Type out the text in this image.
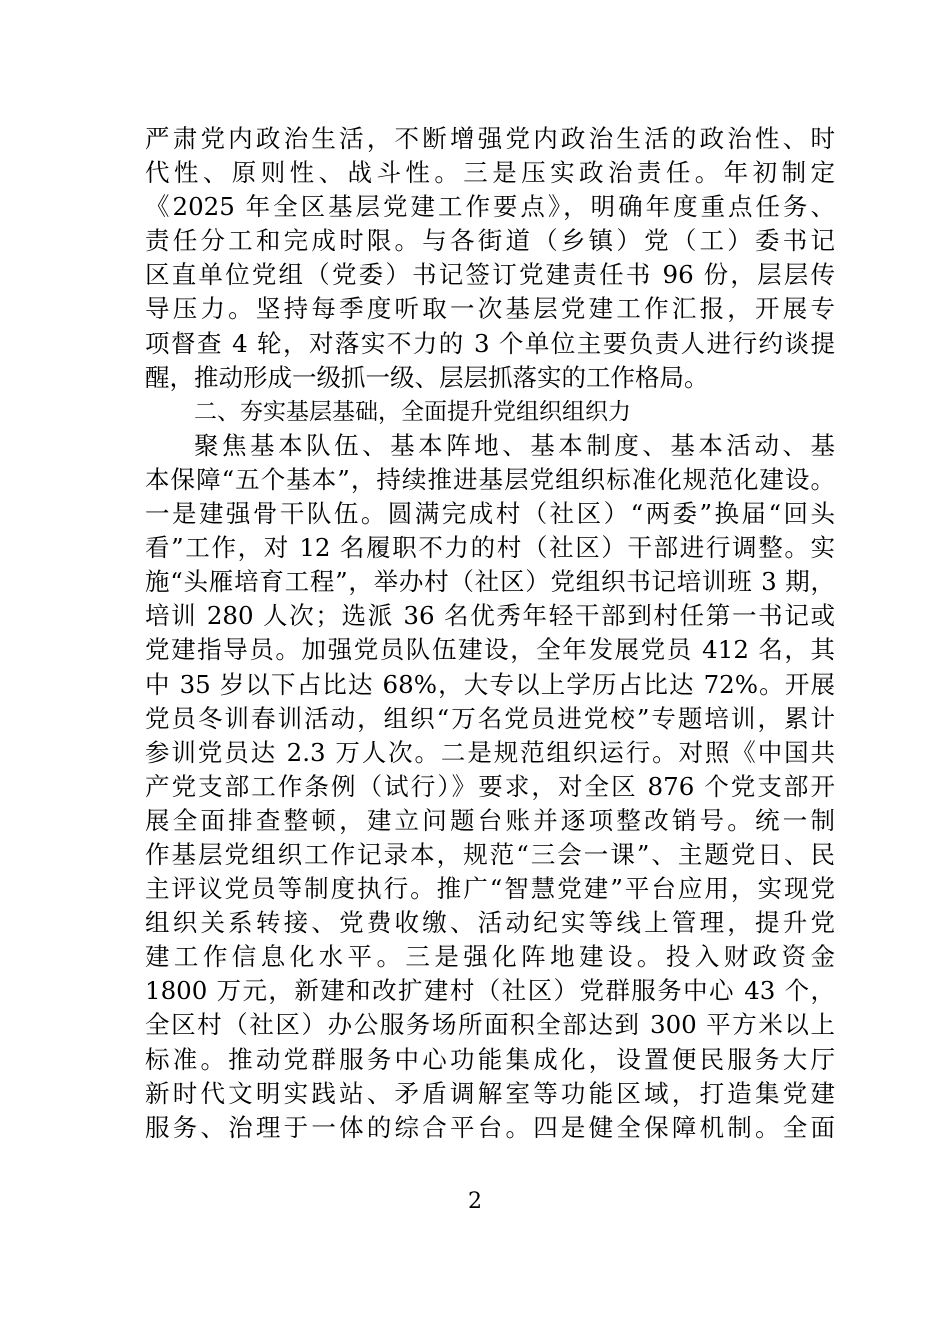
严肃党内政治生活，不断增强党内政治生活的政治性、时
代性、原则性、战斗性。三是压实政治责任。年初制定
《2025 年全区基层党建工作要点》，明确年度重点任务、
责任分工和完成时限。与各街道（乡镇）党（工）委书记
区直单位党组（党委）书记签订党建责任书 96 份，层层传
导压力。坚持每季度听取一次基层党建工作汇报，开展专
项督查 4 轮，对落实不力的 3 个单位主要负责人进行约谈提
醒，推动形成一级抓一级、层层抓落实的工作格局。
二、夯实基层基础，全面提升党组织组织力
聚焦基本队伍、基本阵地、基本制度、基本活动、基
本保障“五个基本”，持续推进基层党组织标准化规范化建设。
一是建强骨干队伍。圆满完成村（社区）“两委”换届“回头
看”工作，对 12 名履职不力的村（社区）干部进行调整。实
施“头雁培育工程”，举办村（社区）党组织书记培训班 3 期，
培训 280 人次；选派 36 名优秀年轻干部到村任第一书记或
党建指导员。加强党员队伍建设，全年发展党员 412 名，其
中 35 岁以下占比达 68%，大专以上学历占比达 72%。开展
党员冬训春训活动，组织“万名党员进党校”专题培训，累计
参训党员达 2.3 万人次。二是规范组织运行。对照《中国共
产党支部工作条例（试行）》要求，对全区 876 个党支部开
展全面排查整顿，建立问题台账并逐项整改销号。统一制
作基层党组织工作记录本，规范“三会一课”、主题党日、民
主评议党员等制度执行。推广“智慧党建”平台应用，实现党
组织关系转接、党费收缴、活动纪实等线上管理，提升党
建工作信息化水平。三是强化阵地建设。投入财政资金
1800 万元，新建和改扩建村（社区）党群服务中心 43 个，
全区村（社区）办公服务场所面积全部达到 300 平方米以上
标准。推动党群服务中心功能集成化，设置便民服务大厅
新时代文明实践站、矛盾调解室等功能区域，打造集党建
服务、治理于一体的综合平台。四是健全保障机制。全面
2
